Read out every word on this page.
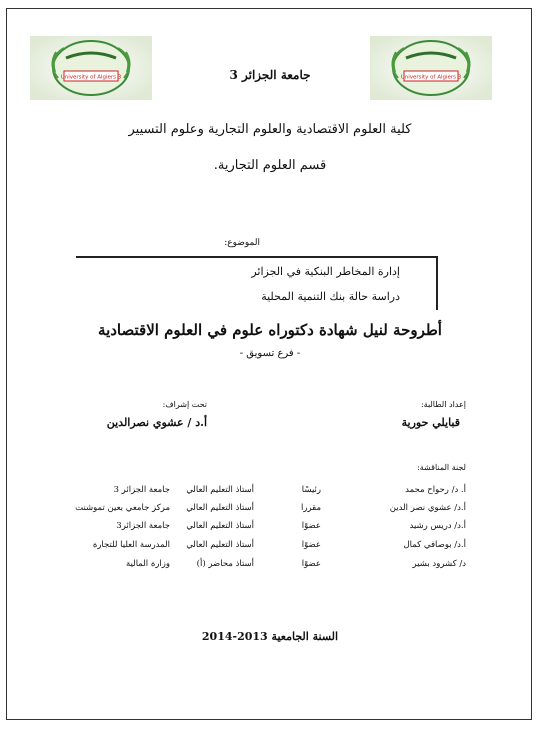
University of Algiers 3	University of Algiers 3
جامعة الجزائر 3
كلية العلوم الاقتصادية والعلوم التجارية وعلوم التسيير
قسم العلوم التجارية.
الموضوع:
إدارة المخاطر البنكية في الجزائر
دراسة حالة بنك التنمية المحلية
أطروحة لنيل شهادة دكتوراه علوم في العلوم الاقتصادية
- فرع تسويق -
إعداد الطالبة:
قبايلي حورية
تحت إشراف:
أ.د / عشوي نصرالدين
لجنة المناقشة:
أ. د/ رحواح محمد
رئيسًا
أستاذ التعليم العالي
جامعة الجزائر 3
أ.د/ عشوي نصر الدين
مقررا
أستاذ التعليم العالي
مركز جامعي بعين تموشنت
أ.د/ دريس رشيد
عضوًا
أستاذ التعليم العالي
جامعة الجزائر3
أ.د/ بوصافي كمال
عضوًا
أستاذ التعليم العالي
المدرسة العليا للتجارة
د/ كشرود بشير
عضوًا
أستاذ محاضر (أ)
وزارة المالية
السنة الجامعية 2013-2014
